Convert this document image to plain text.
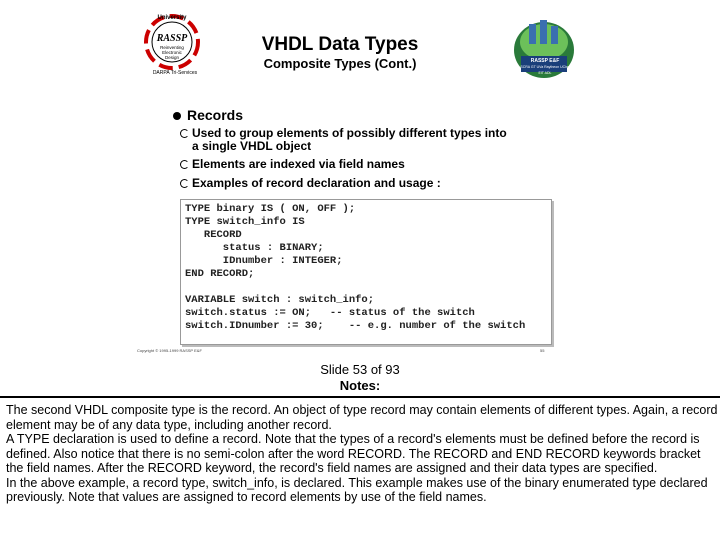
University
RASSP
Reinventing
Electronic
Design
DARPA Tri-Services
VHDL Data Types
Composite Types (Cont.)	RASSP E&F
SCRA GT UVa Raytheon UCinc EIT ADL
Records
Used to group elements of possibly different types into
a single VHDL object
Elements are indexed via field names
Examples of record declaration and usage :
TYPE binary IS ( ON, OFF );
TYPE switch_info IS
RECORD
status : BINARY;
IDnumber : INTEGER;
END RECORD;
VARIABLE switch : switch_info;
switch.status := ON;   -- status of the switch
switch.IDnumber := 30;    -- e.g. number of the switch
Copyright © 1995-1999 RASSP E&F	55
Slide 53 of 93
Notes:
The second VHDL composite type is the record. An object of type record may contain elements of different types. Again, a record element may be of any data type, including another record.
A TYPE declaration is used to define a record. Note that the types of a record's elements must be defined before the record is defined. Also notice that there is no semi-colon after the word RECORD. The RECORD and END RECORD keywords bracket the field names. After the RECORD keyword, the record's field names are assigned and their data types are specified.
In the above example, a record type, switch_info, is declared. This example makes use of the binary enumerated type declared previously. Note that values are assigned to record elements by use of the field names.
